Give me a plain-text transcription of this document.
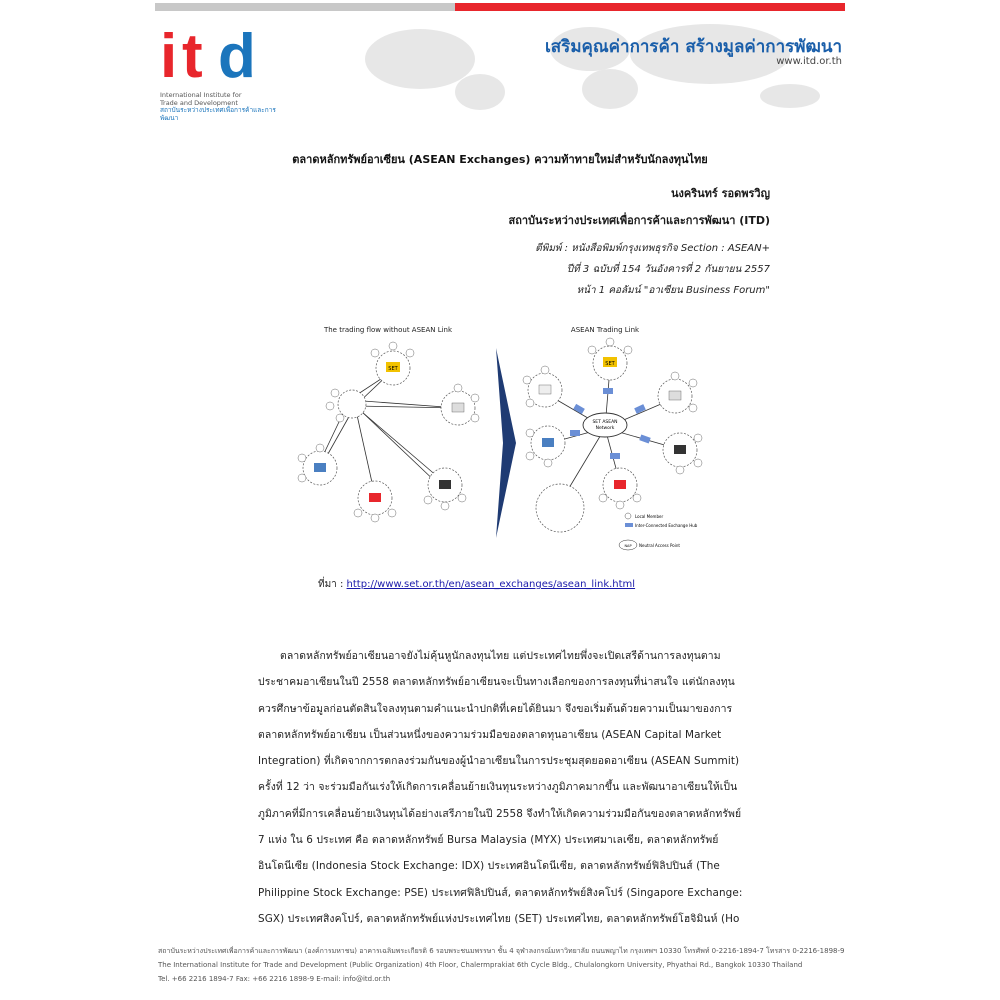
i t d
International Institute for
Trade and Development
สถาบันระหว่างประเทศเพื่อการค้าและการพัฒนา
เสริมคุณค่าการค้า สร้างมูลค่าการพัฒนา
www.itd.or.th
ตลาดหลักทรัพย์อาเซียน (ASEAN Exchanges) ความท้าทายใหม่สำหรับนักลงทุนไทย
นงครินทร์ รอดพรวิญ
สถาบันระหว่างประเทศเพื่อการค้าและการพัฒนา (ITD)
ตีพิมพ์ : หนังสือพิมพ์กรุงเทพธุรกิจ Section : ASEAN+
ปีที่ 3 ฉบับที่ 154 วันอังคารที่ 2 กันยายน 2557
หน้า 1 คอลัมน์ "อาเซียน Business Forum"
The trading flow without ASEAN Link	ASEAN Trading Link
SET
SET ASEAN
Network
SET
Local Member
Inter-Connected Exchange Hub
NAP Neutral Access Point
ที่มา : http://www.set.or.th/en/asean_exchanges/asean_link.html
ตลาดหลักทรัพย์อาเซียนอาจยังไม่คุ้นหูนักลงทุนไทย แต่ประเทศไทยพึ่งจะเปิดเสรีด้านการลงทุนตาม
ประชาคมอาเซียนในปี 2558 ตลาดหลักทรัพย์อาเซียนจะเป็นทางเลือกของการลงทุนที่น่าสนใจ แต่นักลงทุน
ควรศึกษาข้อมูลก่อนตัดสินใจลงทุนตามคำแนะนำปกติที่เคยได้ยินมา จึงขอเริ่มต้นด้วยความเป็นมาของการ
ตลาดหลักทรัพย์อาเซียน เป็นส่วนหนึ่งของความร่วมมือของตลาดทุนอาเซียน (ASEAN Capital Market
Integration) ที่เกิดจากการตกลงร่วมกันของผู้นำอาเซียนในการประชุมสุดยอดอาเซียน (ASEAN Summit)
ครั้งที่ 12 ว่า จะร่วมมือกันเร่งให้เกิดการเคลื่อนย้ายเงินทุนระหว่างภูมิภาคมากขึ้น และพัฒนาอาเซียนให้เป็น
ภูมิภาคที่มีการเคลื่อนย้ายเงินทุนได้อย่างเสรีภายในปี 2558 จึงทำให้เกิดความร่วมมือกันของตลาดหลักทรัพย์
7 แห่ง ใน 6 ประเทศ คือ ตลาดหลักทรัพย์ Bursa Malaysia (MYX) ประเทศมาเลเซีย, ตลาดหลักทรัพย์
อินโดนีเซีย (Indonesia Stock Exchange: IDX) ประเทศอินโดนีเซีย, ตลาดหลักทรัพย์ฟิลิปปินส์ (The
Philippine Stock Exchange: PSE) ประเทศฟิลิปปินส์, ตลาดหลักทรัพย์สิงคโปร์ (Singapore Exchange:
SGX) ประเทศสิงคโปร์, ตลาดหลักทรัพย์แห่งประเทศไทย (SET) ประเทศไทย, ตลาดหลักทรัพย์โฮจิมินห์ (Ho
สถาบันระหว่างประเทศเพื่อการค้าและการพัฒนา (องค์การมหาชน) อาคารเฉลิมพระเกียรติ 6 รอบพระชนมพรรษา ชั้น 4 จุฬาลงกรณ์มหาวิทยาลัย ถนนพญาไท กรุงเทพฯ 10330 โทรศัพท์ 0-2216-1894-7 โทรสาร 0-2216-1898-9
The International Institute for Trade and Development (Public Organization) 4th Floor, Chalermprakiat 6th Cycle Bldg., Chulalongkorn University, Phyathai Rd., Bangkok 10330 Thailand
Tel. +66 2216 1894-7 Fax: +66 2216 1898-9 E-mail: info@itd.or.th
